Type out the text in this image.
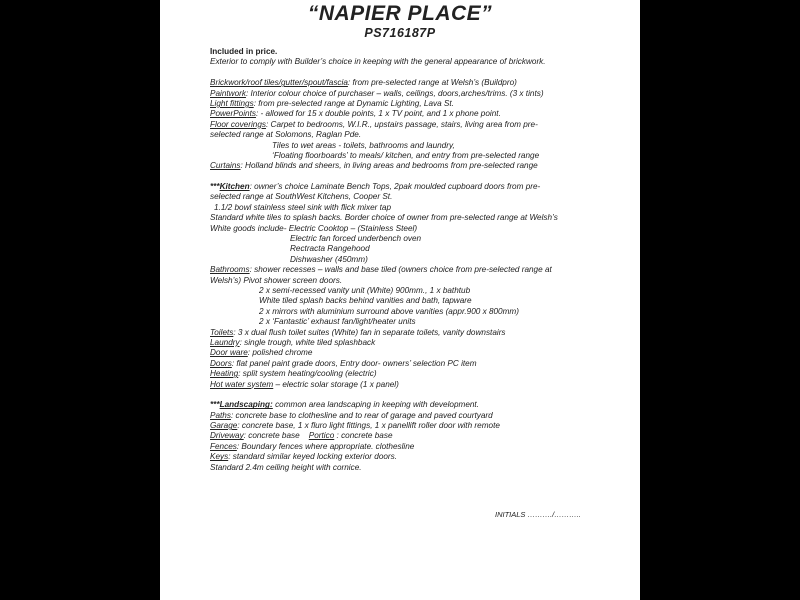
“NAPIER PLACE”
PS716187P
Included in price.
Exterior to comply with Builder’s choice in keeping with the general appearance of brickwork.
Brickwork/roof tiles/gutter/spout/fascia: from pre-selected range at Welsh’s (Buildpro)
Paintwork: Interior colour choice of purchaser – walls, ceilings, doors,arches/trims. (3 x tints)
Light fittings: from pre-selected range at Dynamic Lighting, Lava St.
PowerPoints: - allowed for 15 x double points, 1 x TV point, and 1 x phone point.
Floor coverings: Carpet to bedrooms, W.I.R., upstairs passage, stairs, living area from pre-
selected range at Solomons, Raglan Pde.
Tiles to wet areas - toilets, bathrooms and laundry,
‘Floating floorboards’ to meals/ kitchen, and entry from pre-selected range
Curtains: Holland blinds and sheers, in living areas and bedrooms from pre-selected range
***Kitchen: owner’s choice Laminate Bench Tops, 2pak moulded cupboard doors from pre-
selected range at SouthWest Kitchens, Cooper St.
1.1/2 bowl stainless steel sink with flick mixer tap
Standard white tiles to splash backs. Border choice of owner from pre-selected range at Welsh’s
White goods include- Electric Cooktop – (Stainless Steel)
Electric fan forced underbench oven
Rectracta Rangehood
Dishwasher (450mm)
Bathrooms: shower recesses – walls and base tiled (owners choice from pre-selected range at
Welsh’s) Pivot shower screen doors.
2 x semi-recessed vanity unit (White) 900mm., 1 x bathtub
White tiled splash backs behind vanities and bath, tapware
2 x mirrors with aluminium surround above vanities (appr.900 x 800mm)
2 x ‘Fantastic’ exhaust fan/light/heater units
Toilets: 3 x dual flush toilet suites (White) fan in separate toilets, vanity downstairs
Laundry: single trough, white tiled splashback
Door ware: polished chrome
Doors: flat panel paint grade doors, Entry door- owners’ selection PC item
Heating: split system heating/cooling (electric)
Hot water system – electric solar storage (1 x panel)
***Landscaping: common area landscaping in keeping with development.
Paths: concrete base to clothesline and to rear of garage and paved courtyard
Garage: concrete base, 1 x fluro light fittings, 1 x panellift roller door with remote
Driveway: concrete base    Portico : concrete base
Fences: Boundary fences where appropriate. clothesline
Keys: standard similar keyed locking exterior doors.
Standard 2.4m ceiling height with cornice.
INITIALS ………./………..
